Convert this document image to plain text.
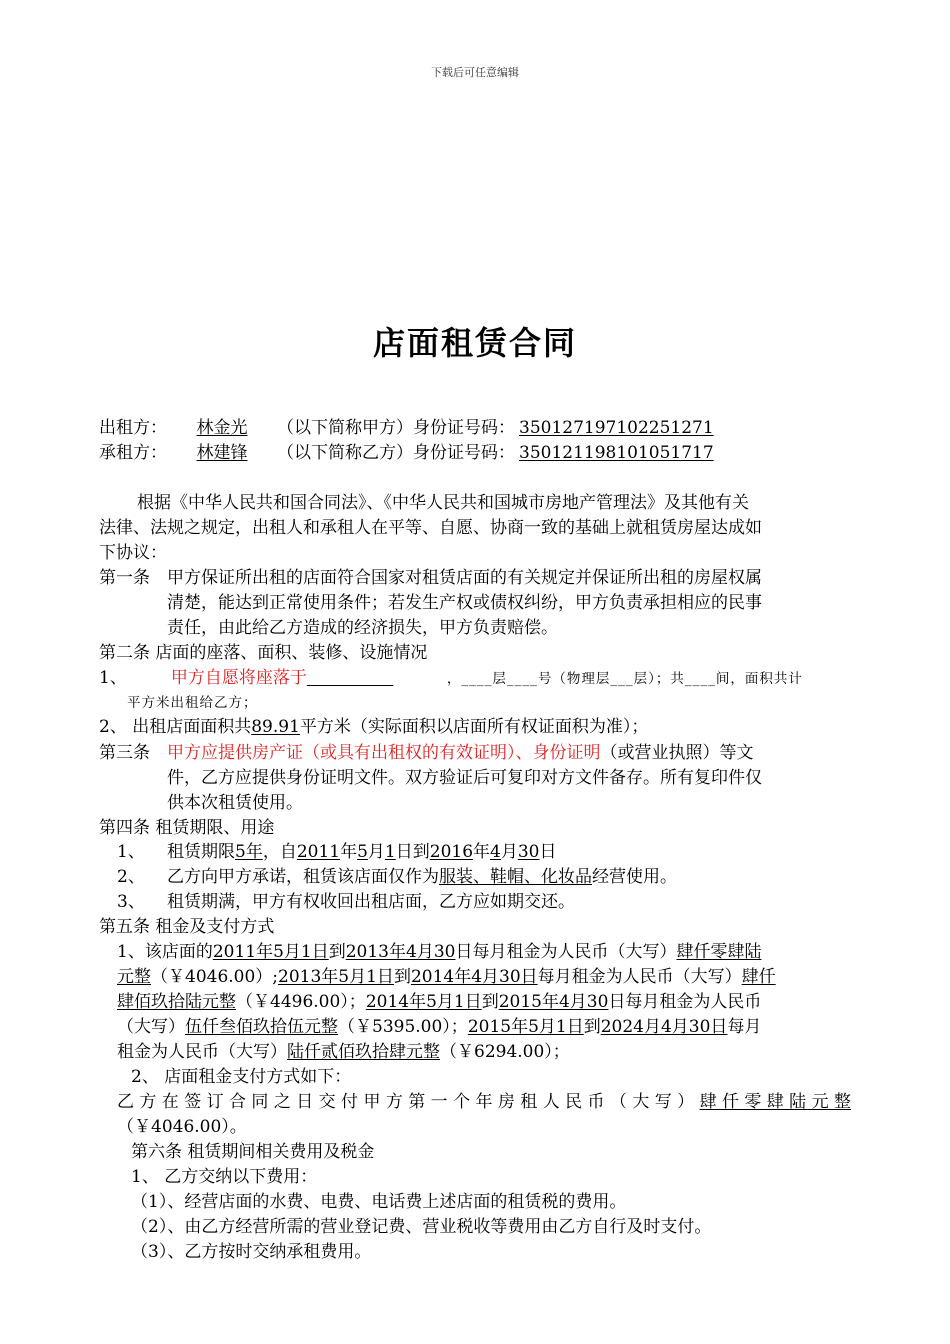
下载后可任意编辑
店面租赁合同
出租方： 林金光 （以下简称甲方）身份证号码： 350127197102251271
承租方： 林建锋 （以下简称乙方）身份证号码： 350121198101051717
根据《中华人民共和国合同法》、《中华人民共和国城市房地产管理法》及其他有关
法律、法规之规定，出租人和承租人在平等、自愿、协商一致的基础上就租赁房屋达成如
下协议：
第一条 甲方保证所出租的店面符合国家对租赁店面的有关规定并保证所出租的房屋权属
清楚，能达到正常使用条件；若发生产权或债权纠纷，甲方负责承担相应的民事
责任，由此给乙方造成的经济损失，甲方负责赔偿。
第二条 店面的座落、面积、装修、设施情况
1、	甲方自愿将座落于	，____层____号（物理层___层）；共____间，面积共计
平方米出租给乙方；
2、 出租店面面积共89.91平方米（实际面积以店面所有权证面积为准）；
第三条 甲方应提供房产证（或具有出租权的有效证明）、身份证明（或营业执照）等文
件，乙方应提供身份证明文件。双方验证后可复印对方文件备存。所有复印件仅
供本次租赁使用。
第四条 租赁期限、用途
1、 租赁期限5年，自2011年5月1日到2016年4月30日
2、 乙方向甲方承诺，租赁该店面仅作为服装、鞋帽、化妆品经营使用。
3、 租赁期满，甲方有权收回出租店面，乙方应如期交还。
第五条 租金及支付方式
1、该店面的2011年5月1日到2013年4月30日每月租金为人民币（大写）肆仟零肆陆
元整（￥4046.00）;2013年5月1日到2014年4月30日每月租金为人民币（大写）肆仟
肆佰玖拾陆元整（￥4496.00）；2014年5月1日到2015年4月30日每月租金为人民币
（大写）伍仟叁佰玖拾伍元整（￥5395.00）；2015年5月1日到2024月4月30日每月
租金为人民币（大写）陆仟贰佰玖拾肆元整（￥6294.00）；
2、 店面租金支付方式如下：
乙方在签订合同之日交付甲方第一个年房租人民币（大写）肆仟零肆陆元整
（￥4046.00）。
第六条 租赁期间相关费用及税金
1、 乙方交纳以下费用：
（1）、经营店面的水费、电费、电话费上述店面的租赁税的费用。
（2）、由乙方经营所需的营业登记费、营业税收等费用由乙方自行及时支付。
（3）、乙方按时交纳承租费用。
